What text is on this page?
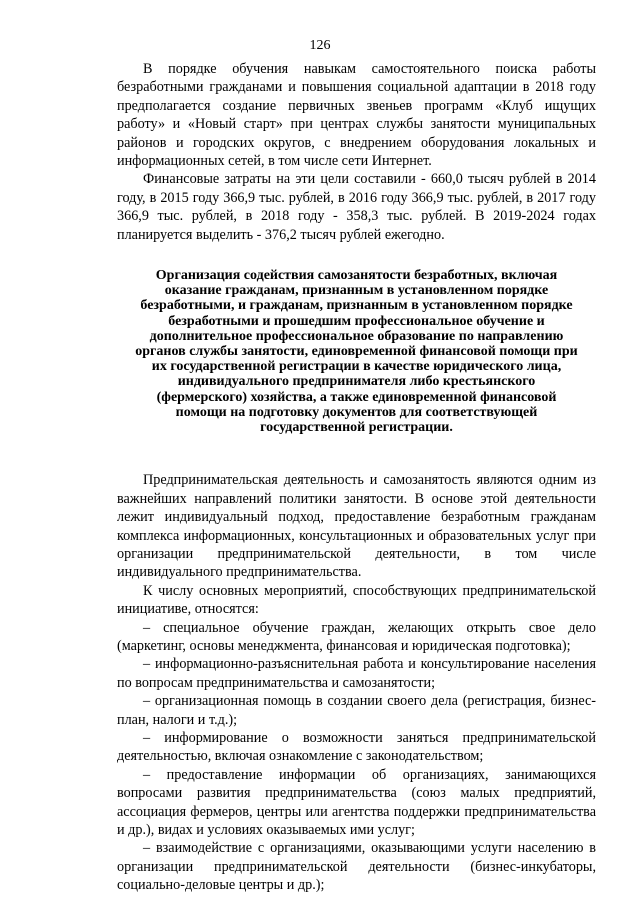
126

В порядке обучения навыкам самостоятельного поиска работы безработными гражданами и повышения социальной адаптации в 2018 году предполагается создание первичных звеньев программ «Клуб ищущих работу» и «Новый старт» при центрах службы занятости муниципальных районов и городских округов, с внедрением оборудования локальных и информационных сетей, в том числе сети Интернет.

Финансовые затраты на эти цели составили - 660,0 тысяч рублей в 2014 году, в 2015 году 366,9 тыс. рублей, в 2016 году 366,9 тыс. рублей, в 2017 году 366,9 тыс. рублей, в 2018 году - 358,3 тыс. рублей. В 2019-2024 годах планируется выделить - 376,2 тысяч рублей ежегодно.

Организация содействия самозанятости безработных, включая оказание гражданам, признанным в установленном порядке безработными, и гражданам, признанным в установленном порядке безработными и прошедшим профессиональное обучение и дополнительное профессиональное образование по направлению органов службы занятости, единовременной финансовой помощи при их государственной регистрации в качестве юридического лица, индивидуального предпринимателя либо крестьянского (фермерского) хозяйства, а также единовременной финансовой помощи на подготовку документов для соответствующей государственной регистрации.

Предпринимательская деятельность и самозанятость являются одним из важнейших направлений политики занятости. В основе этой деятельности лежит индивидуальный подход, предоставление безработным гражданам комплекса информационных, консультационных и образовательных услуг при организации предпринимательской деятельности, в том числе индивидуального предпринимательства.

К числу основных мероприятий, способствующих предпринимательской инициативе, относятся:

– специальное обучение граждан, желающих открыть свое дело (маркетинг, основы менеджмента, финансовая и юридическая подготовка);

– информационно-разъяснительная работа и консультирование населения по вопросам предпринимательства и самозанятости;

– организационная помощь в создании своего дела (регистрация, бизнес-план, налоги и т.д.);

– информирование о возможности заняться предпринимательской деятельностью, включая ознакомление с законодательством;

– предоставление информации об организациях, занимающихся вопросами развития предпринимательства (союз малых предприятий, ассоциация фермеров, центры или агентства поддержки предпринимательства и др.), видах и условиях оказываемых ими услуг;

– взаимодействие с организациями, оказывающими услуги населению в организации предпринимательской деятельности (бизнес-инкубаторы, социально-деловые центры и др.);
